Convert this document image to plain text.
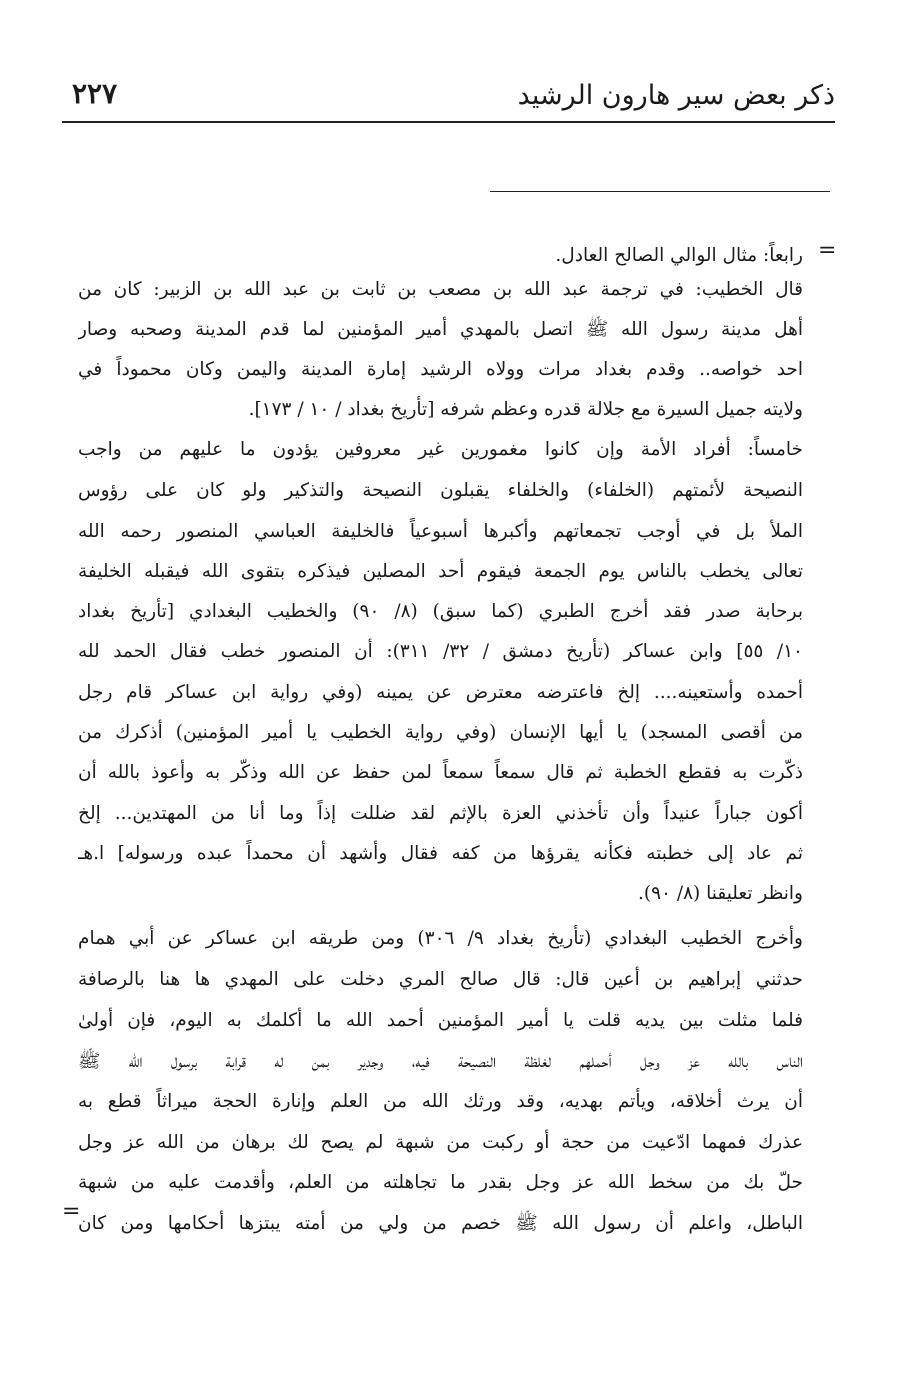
ذكر بعض سير هارون الرشيد
٢٢٧
=
رابعاً: مثال الوالي الصالح العادل.
قال الخطيب: في ترجمة عبد الله بن مصعب بن ثابت بن عبد الله بن الزبير: كان من
أهل مدينة رسول الله ﷺ اتصل بالمهدي أمير المؤمنين لما قدم المدينة وصحبه وصار
احد خواصه.. وقدم بغداد مرات وولاه الرشيد إمارة المدينة واليمن وكان محموداً في
ولايته جميل السيرة مع جلالة قدره وعظم شرفه [تأريخ بغداد / ١٠ / ١٧٣].
خامساً: أفراد الأمة وإن كانوا مغمورين غير معروفين يؤدون ما عليهم من واجب
النصيحة لأئمتهم (الخلفاء) والخلفاء يقبلون النصيحة والتذكير ولو كان على رؤوس
الملأ بل في أوجب تجمعاتهم وأكبرها أسبوعياً فالخليفة العباسي المنصور رحمه الله
تعالى يخطب بالناس يوم الجمعة فيقوم أحد المصلين فيذكره بتقوى الله فيقبله الخليفة
برحابة صدر فقد أخرج الطبري (كما سبق) (٨/ ٩٠) والخطيب البغدادي [تأريخ بغداد
١٠/ ٥٥] وابن عساكر (تأريخ دمشق / ٣٢/ ٣١١): أن المنصور خطب فقال الحمد لله
أحمده وأستعينه.... إلخ فاعترضه معترض عن يمينه (وفي رواية ابن عساكر قام رجل
من أقصى المسجد) يا أيها الإنسان (وفي رواية الخطيب يا أمير المؤمنين) أذكرك من
ذكّرت به فقطع الخطبة ثم قال سمعاً سمعاً لمن حفظ عن الله وذكّر به وأعوذ بالله أن
أكون جباراً عنيداً وأن تأخذني العزة بالإثم لقد ضللت إذاً وما أنا من المهتدين... إلخ
ثم عاد إلى خطبته فكأنه يقرؤها من كفه فقال وأشهد أن محمداً عبده ورسوله] ا.هـ
وانظر تعليقنا (٨/ ٩٠).
وأخرج الخطيب البغدادي (تأريخ بغداد ٩/ ٣٠٦) ومن طريقه ابن عساكر عن أبي همام
حدثني إبراهيم بن أعين قال: قال صالح المري دخلت على المهدي ها هنا بالرصافة
فلما مثلت بين يديه قلت يا أمير المؤمنين أحمد الله ما أكلمك به اليوم، فإن أولىٰ
الناس بالله عز وجل أحملهم لغلظة النصيحة فيه، وجدير بمن له قرابة برسول الله ﷺ
أن يرث أخلاقه، ويأتم بهديه، وقد ورثك الله من العلم وإنارة الحجة ميراثاً قطع به
عذرك فمهما ادّعيت من حجة أو ركبت من شبهة لم يصح لك برهان من الله عز وجل
حلّ بك من سخط الله عز وجل بقدر ما تجاهلته من العلم، وأقدمت عليه من شبهة
الباطل، واعلم أن رسول الله ﷺ خصم من ولي من أمته يبتزها أحكامها ومن كان
=
